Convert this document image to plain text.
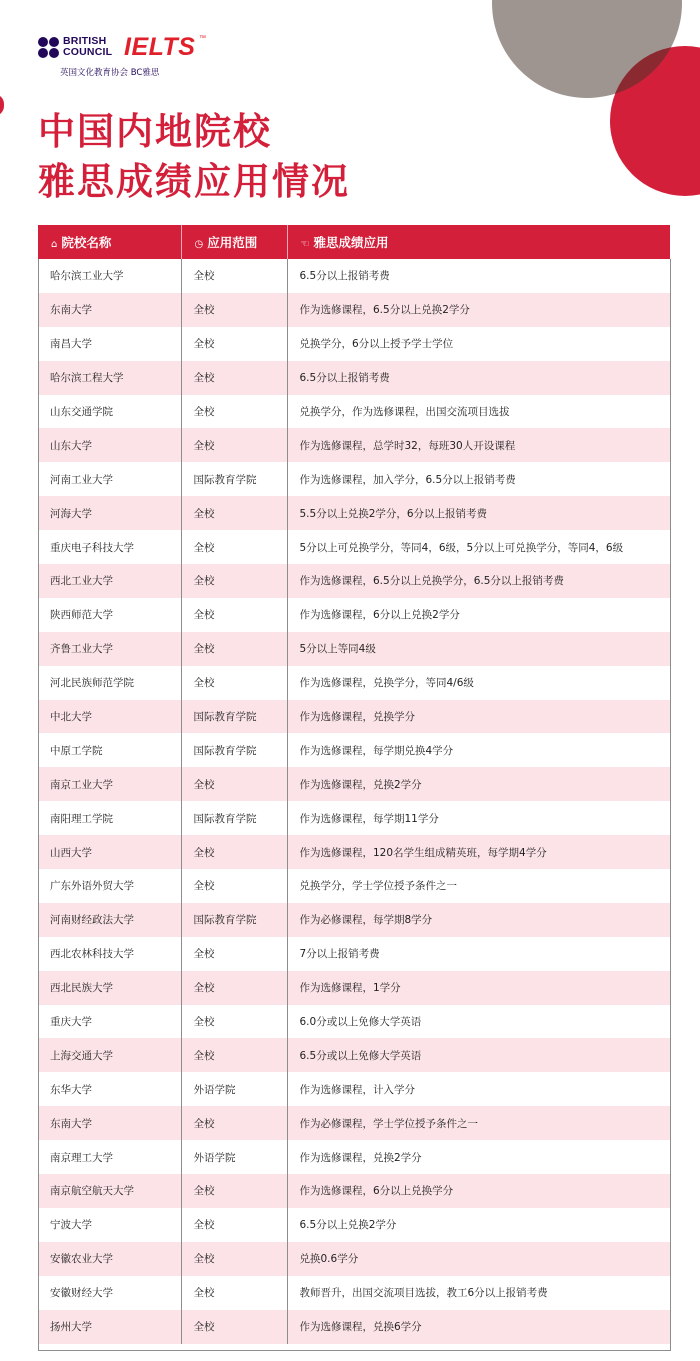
BRITISH
COUNCIL IELTS ™
英国文化教育协会 BC雅思
中国内地院校
雅思成绩应用情况
⌂ 院校名称	◷ 应用范围	☜ 雅思成绩应用
哈尔滨工业大学	全校	6.5分以上报销考费
东南大学	全校	作为选修课程，6.5分以上兑换2学分
南昌大学	全校	兑换学分，6分以上授予学士学位
哈尔滨工程大学	全校	6.5分以上报销考费
山东交通学院	全校	兑换学分，作为选修课程，出国交流项目选拔
山东大学	全校	作为选修课程，总学时32，每班30人开设课程
河南工业大学	国际教育学院	作为选修课程，加入学分，6.5分以上报销考费
河海大学	全校	5.5分以上兑换2学分，6分以上报销考费
重庆电子科技大学	全校	5分以上可兑换学分，等同4，6级，5分以上可兑换学分，等同4，6级
西北工业大学	全校	作为选修课程，6.5分以上兑换学分，6.5分以上报销考费
陕西师范大学	全校	作为选修课程，6分以上兑换2学分
齐鲁工业大学	全校	5分以上等同4级
河北民族师范学院	全校	作为选修课程，兑换学分，等同4/6级
中北大学	国际教育学院	作为选修课程，兑换学分
中原工学院	国际教育学院	作为选修课程，每学期兑换4学分
南京工业大学	全校	作为选修课程，兑换2学分
南阳理工学院	国际教育学院	作为选修课程，每学期11学分
山西大学	全校	作为选修课程，120名学生组成精英班，每学期4学分
广东外语外贸大学	全校	兑换学分，学士学位授予条件之一
河南财经政法大学	国际教育学院	作为必修课程，每学期8学分
西北农林科技大学	全校	7分以上报销考费
西北民族大学	全校	作为选修课程，1学分
重庆大学	全校	6.0分或以上免修大学英语
上海交通大学	全校	6.5分或以上免修大学英语
东华大学	外语学院	作为选修课程，计入学分
东南大学	全校	作为必修课程，学士学位授予条件之一
南京理工大学	外语学院	作为选修课程，兑换2学分
南京航空航天大学	全校	作为选修课程，6分以上兑换学分
宁波大学	全校	6.5分以上兑换2学分
安徽农业大学	全校	兑换0.6学分
安徽财经大学	全校	教师晋升，出国交流项目选拔，教工6分以上报销考费
扬州大学	全校	作为选修课程，兑换6学分
